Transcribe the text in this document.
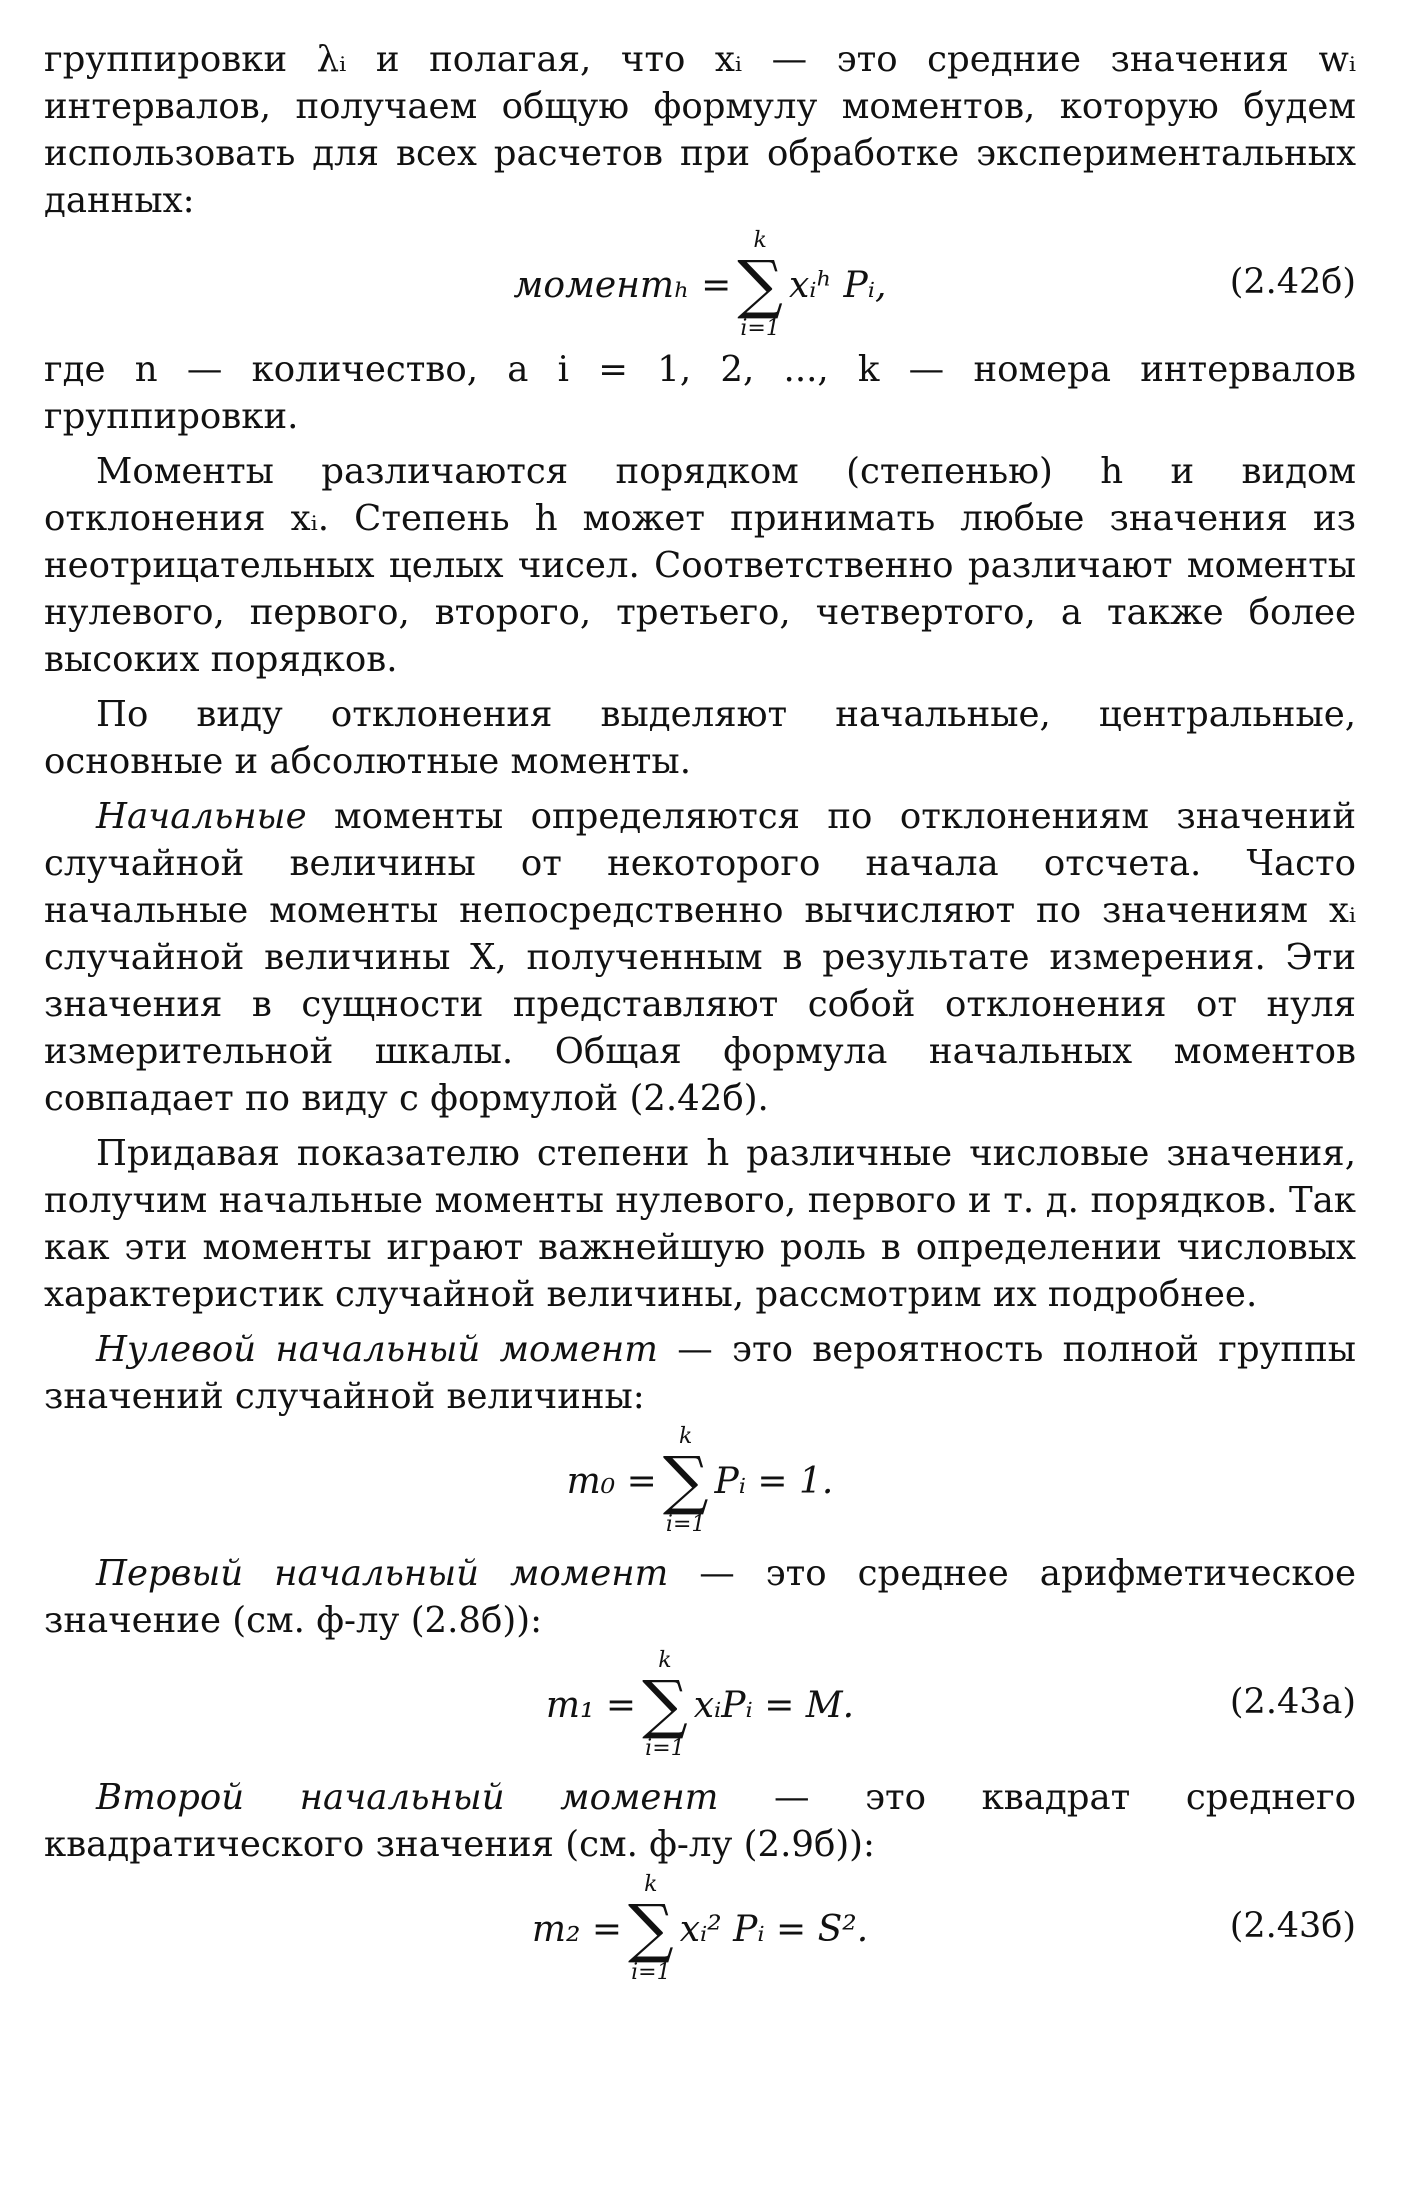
группировки λᵢ и полагая, что xᵢ — это средние значения wᵢ интервалов, получаем общую формулу моментов, которую будем использовать для всех расчетов при обработке экспериментальных данных:

моментₕ =
k
∑
i=1
xᵢʰ Pᵢ,	(2.42б)

где n — количество, а i = 1, 2, ..., k — номера интервалов группировки.

Моменты различаются порядком (степенью) h и видом отклонения xᵢ. Степень h может принимать любые значения из неотрицательных целых чисел. Соответственно различают моменты нулевого, первого, второго, третьего, четвертого, а также более высоких порядков.

По виду отклонения выделяют начальные, центральные, основные и абсолютные моменты.

Начальные моменты определяются по отклонениям значений случайной величины от некоторого начала отсчета. Часто начальные моменты непосредственно вычисляют по значениям xᵢ случайной величины X, полученным в результате измерения. Эти значения в сущности представляют собой отклонения от нуля измерительной шкалы. Общая формула начальных моментов совпадает по виду с формулой (2.42б).

Придавая показателю степени h различные числовые значения, получим начальные моменты нулевого, первого и т. д. порядков. Так как эти моменты играют важнейшую роль в определении числовых характеристик случайной величины, рассмотрим их подробнее.

Нулевой начальный момент — это вероятность полной группы значений случайной величины:

m₀ =
k
∑
i=1
Pᵢ = 1.

Первый начальный момент — это среднее арифметическое значение (см. ф-лу (2.8б)):

m₁ =
k
∑
i=1
xᵢPᵢ = M.	(2.43а)

Второй начальный момент — это квадрат среднего квадратического значения (см. ф-лу (2.9б)):

m₂ =
k
∑
i=1
xᵢ² Pᵢ = S².	(2.43б)
